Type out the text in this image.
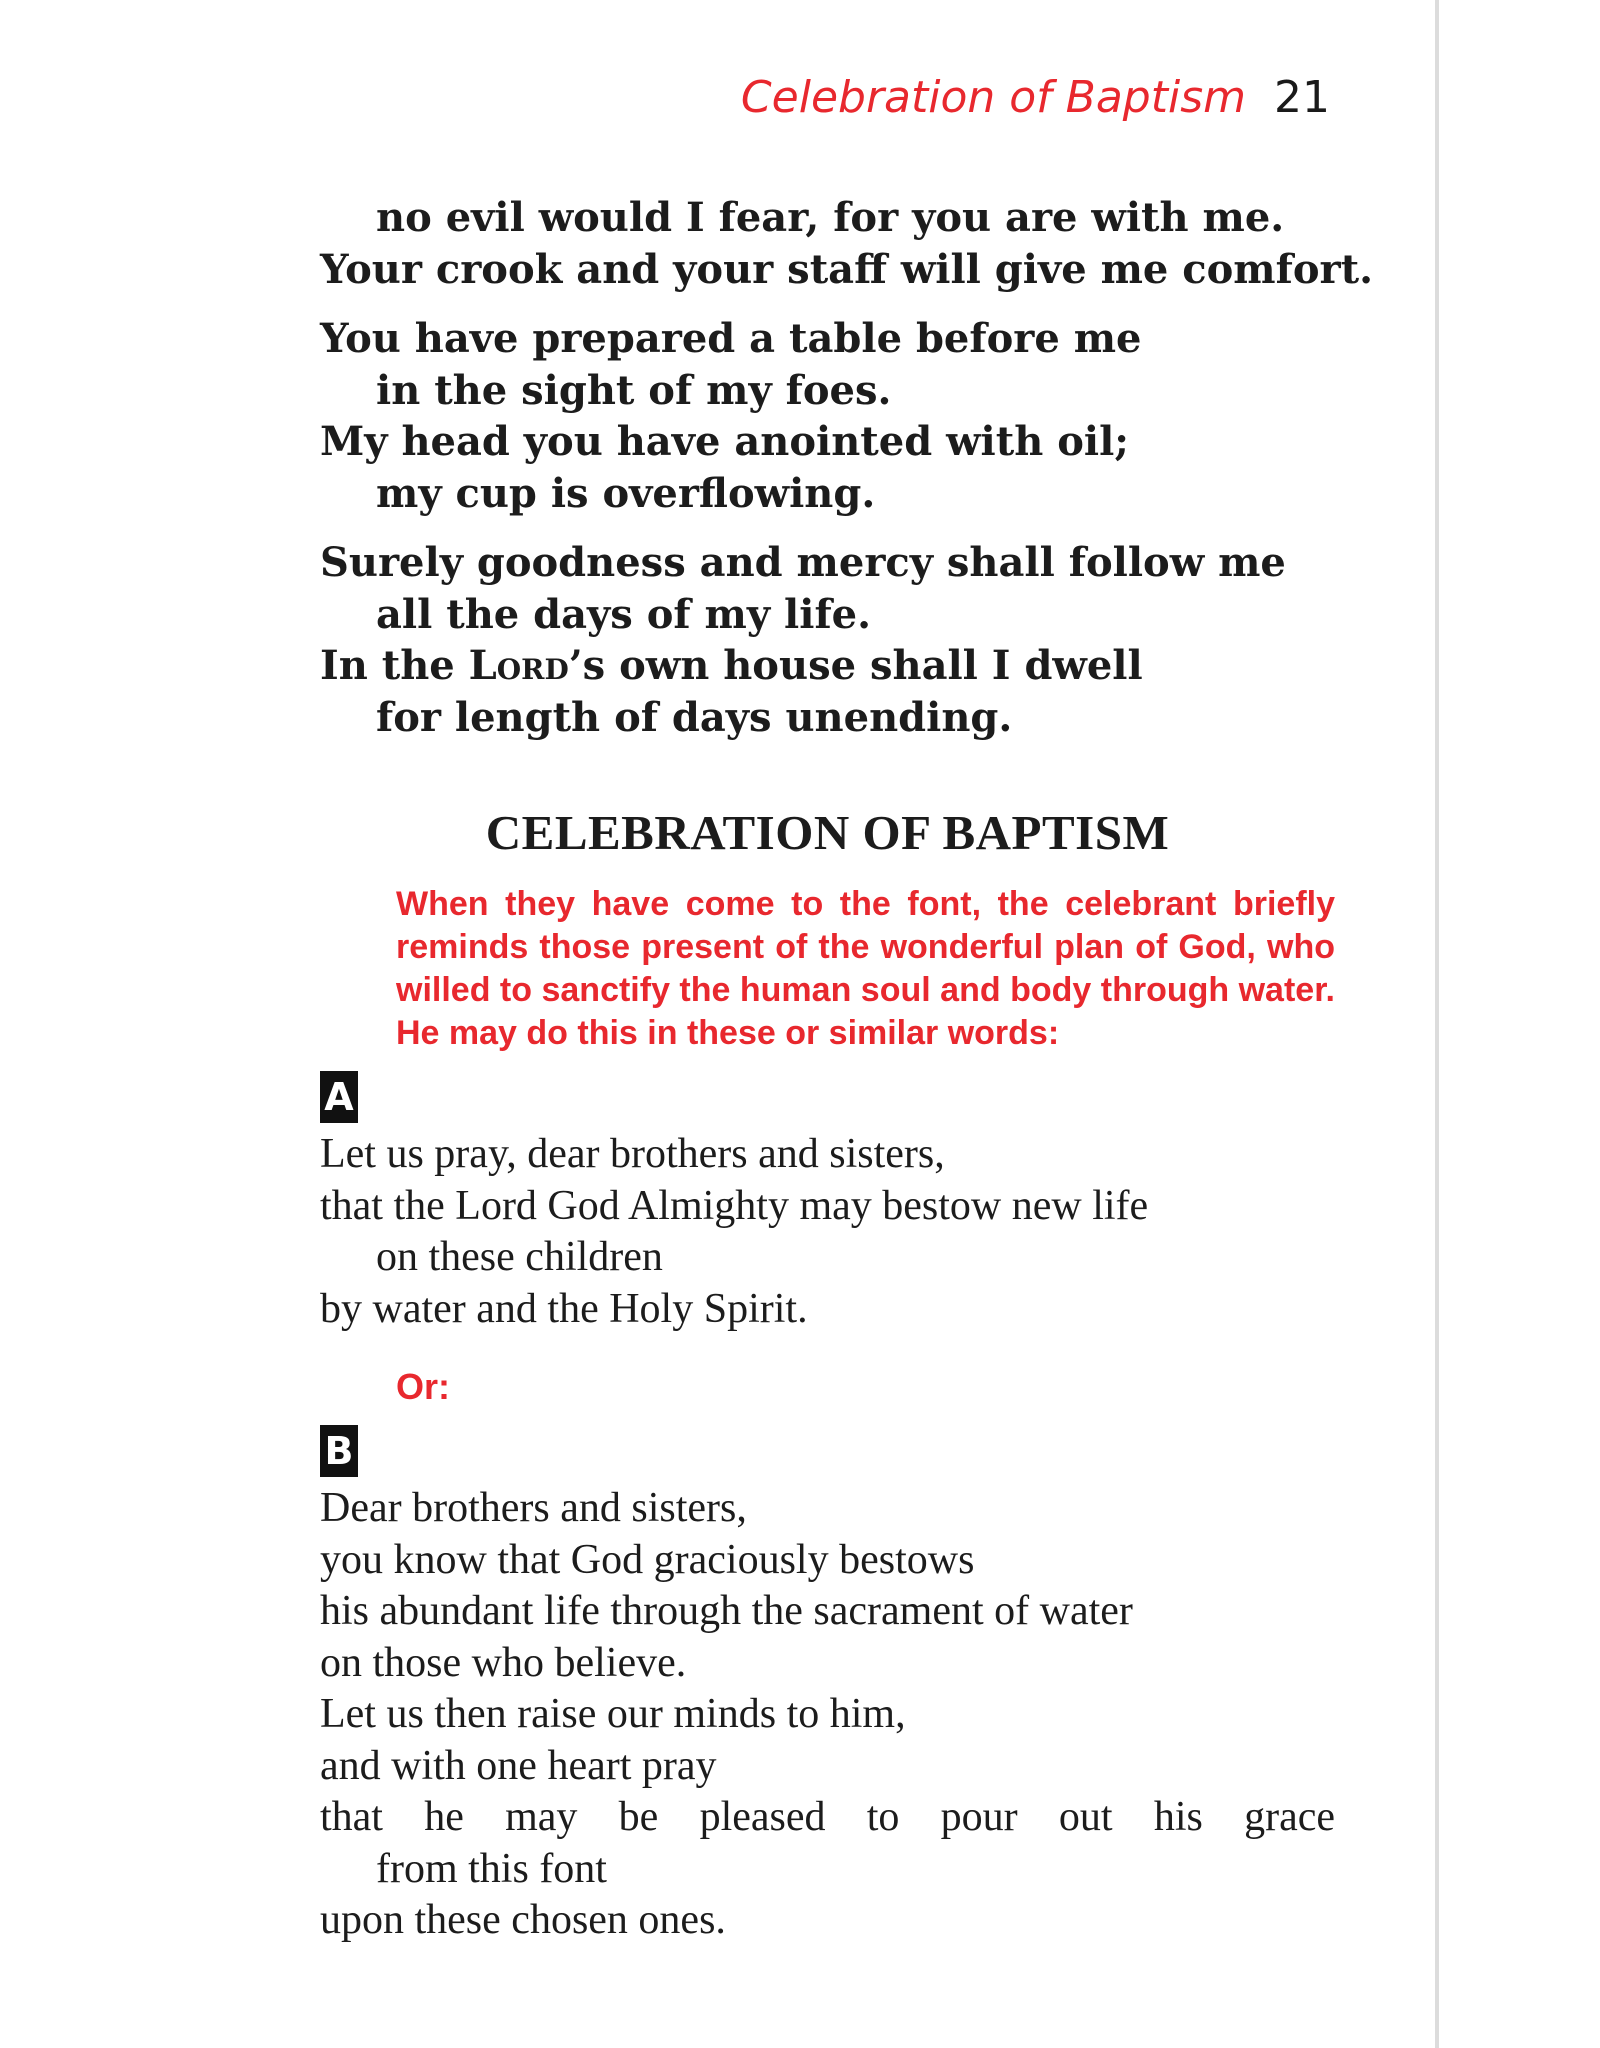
Celebration of Baptism 21
no evil would I fear, for you are with me.
Your crook and your staff will give me comfort.
You have prepared a table before me
in the sight of my foes.
My head you have anointed with oil;
my cup is overflowing.
Surely goodness and mercy shall follow me
all the days of my life.
In the Lord’s own house shall I dwell
for length of days unending.
CELEBRATION OF BAPTISM
When they have come to the font, the celebrant briefly reminds those present of the wonderful plan of God, who willed to sanctify the human soul and body through water. He may do this in these or similar words:
A
Let us pray, dear brothers and sisters,
that the Lord God Almighty may bestow new life
on these children
by water and the Holy Spirit.
Or:
B
Dear brothers and sisters,
you know that God graciously bestows
his abundant life through the sacrament of water
on those who believe.
Let us then raise our minds to him,
and with one heart pray
that he may be pleased to pour out his grace
from this font
upon these chosen ones.
